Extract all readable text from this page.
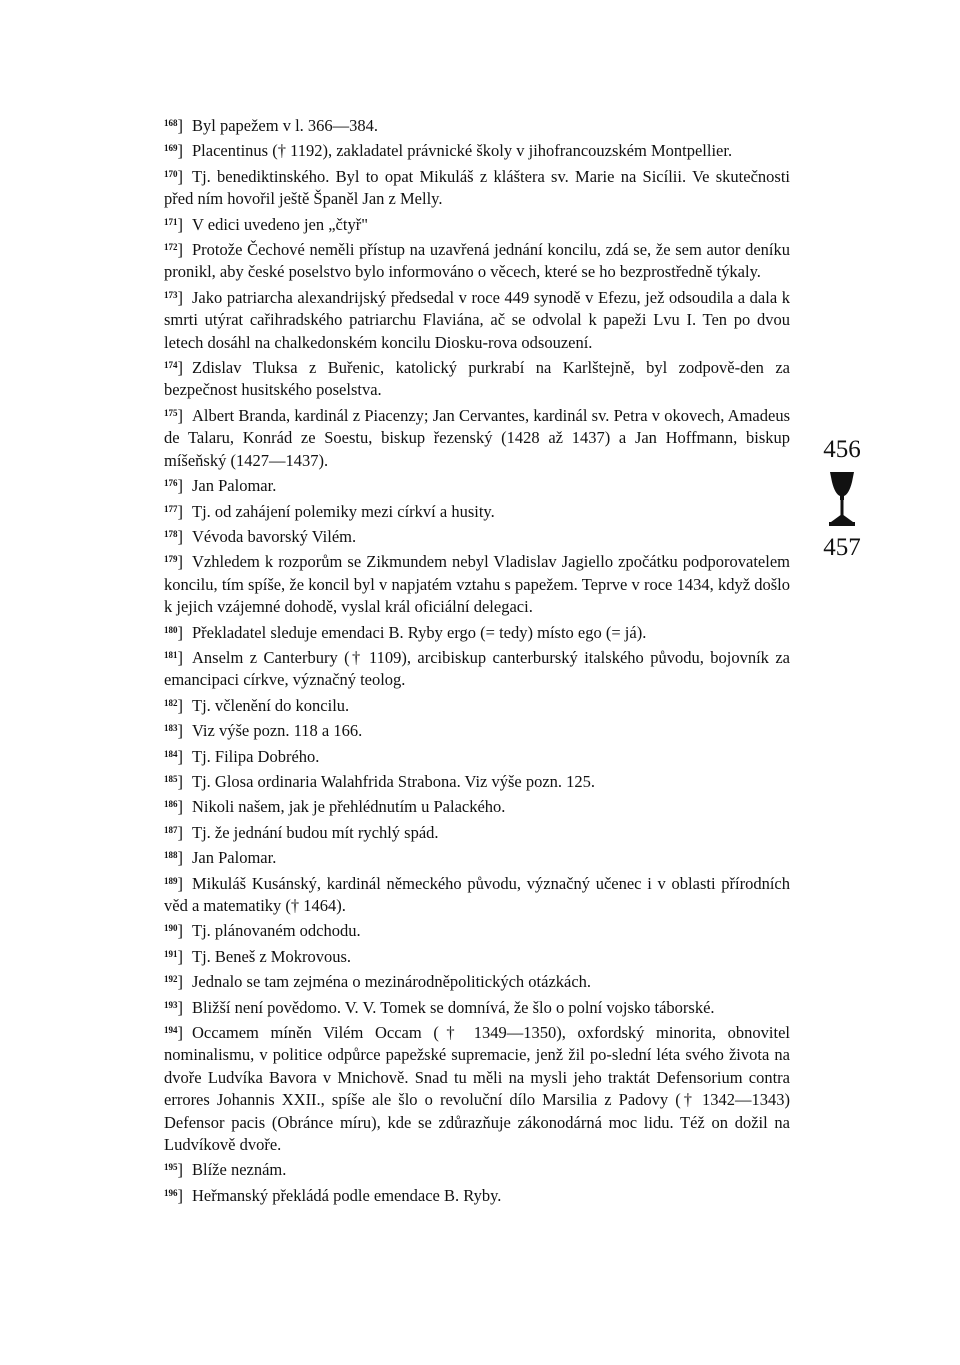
$^{168}$] Byl papežem v l. 366—384.

$^{169}$] Placentinus († 1192), zakladatel právnické školy v jihofrancouzském Montpellier.

$^{170}$] Tj. benediktinského. Byl to opat Mikuláš z kláštera sv. Marie na Sicílii. Ve skutečnosti před ním hovořil ještě Španěl Jan z Melly.

$^{171}$] V edici uvedeno jen „čtyř"

$^{172}$] Protože Čechové neměli přístup na uzavřená jednání koncilu, zdá se, že sem autor deníku pronikl, aby české poselstvo bylo informováno o věcech, které se ho bezprostředně týkaly.

$^{173}$] Jako patriarcha alexandrijský předsedal v roce 449 synodě v Efezu, jež odsoudila a dala k smrti utýrat cařihradského patriarchu Flaviána, ač se odvolal k papeži Lvu I. Ten po dvou letech dosáhl na chalkedonském koncilu Diosku-rova odsouzení.

$^{174}$] Zdislav Tluksa z Buřenic, katolický purkrabí na Karlštejně, byl zodpově-den za bezpečnost husitského poselstva.

$^{175}$] Albert Branda, kardinál z Piacenzy; Jan Cervantes, kardinál sv. Petra v okovech, Amadeus de Talaru, Konrád ze Soestu, biskup řezenský (1428 až 1437) a Jan Hoffmann, biskup míšeňský (1427—1437).

$^{176}$] Jan Palomar.

$^{177}$] Tj. od zahájení polemiky mezi církví a husity.

$^{178}$] Vévoda bavorský Vilém.

$^{179}$] Vzhledem k rozporům se Zikmundem nebyl Vladislav Jagiello zpočátku podporovatelem koncilu, tím spíše, že koncil byl v napjatém vztahu s papežem. Teprve v roce 1434, když došlo k jejich vzájemné dohodě, vyslal král oficiální delegaci.

$^{180}$] Překladatel sleduje emendaci B. Ryby ergo (= tedy) místo ego (= já).

$^{181}$] Anselm z Canterbury († 1109), arcibiskup canterburský italského původu, bojovník za emancipaci církve, význačný teolog.

$^{182}$] Tj. včlenění do koncilu.

$^{183}$] Viz výše pozn. 118 a 166.

$^{184}$] Tj. Filipa Dobrého.

$^{185}$] Tj. Glosa ordinaria Walahfrida Strabona. Viz výše pozn. 125.

$^{186}$] Nikoli našem, jak je přehlédnutím u Palackého.

$^{187}$] Tj. že jednání budou mít rychlý spád.

$^{188}$] Jan Palomar.

$^{189}$] Mikuláš Kusánský, kardinál německého původu, význačný učenec i v oblasti přírodních věd a matematiky († 1464).

$^{190}$] Tj. plánovaném odchodu.

$^{191}$] Tj. Beneš z Mokrovous.

$^{192}$] Jednalo se tam zejména o mezinárodněpolitických otázkách.

$^{193}$] Bližší není povědomo. V. V. Tomek se domnívá, že šlo o polní vojsko táborské.

$^{194}$] Occamem míněn Vilém Occam († 1349—1350), oxfordský minorita, obnovitel nominalismu, v politice odpůrce papežské supremacie, jenž žil po-slední léta svého života na dvoře Ludvíka Bavora v Mnichově. Snad tu měli na mysli jeho traktát Defensorium contra errores Johannis XXII., spíše ale šlo o revoluční dílo Marsilia z Padovy († 1342—1343) Defensor pacis (Obránce míru), kde se zdůrazňuje zákonodárná moc lidu. Též on dožil na Ludvíkově dvoře.

$^{195}$] Blíže neznám.

$^{196}$] Heřmanský překládá podle emendace B. Ryby.

456
457
